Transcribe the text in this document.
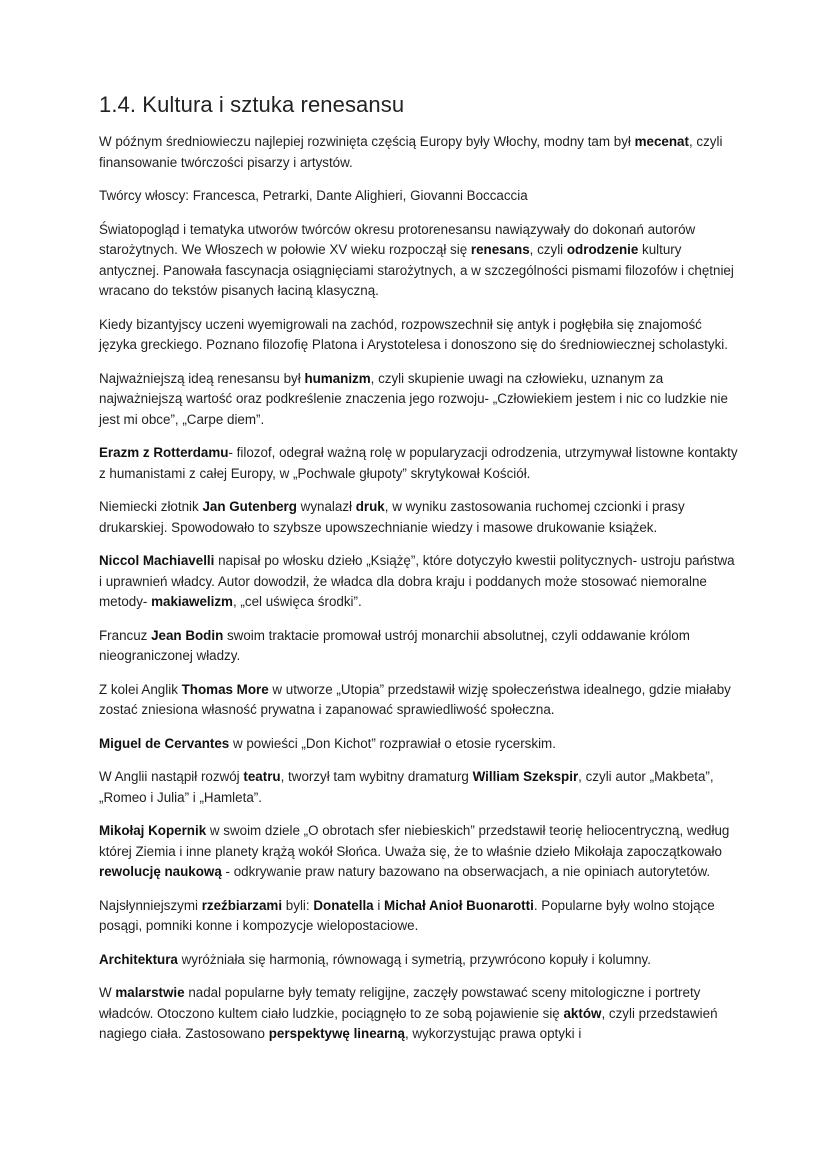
1.4. Kultura i sztuka renesansu

W późnym średniowieczu najlepiej rozwinięta częścią Europy były Włochy, modny tam był mecenat, czyli finansowanie twórczości pisarzy i artystów.

Twórcy włoscy: Francesca, Petrarki, Dante Alighieri, Giovanni Boccaccia

Światopogląd i tematyka utworów twórców okresu protorenesansu nawiązywały do dokonań autorów starożytnych. We Włoszech w połowie XV wieku rozpoczął się renesans, czyli odrodzenie kultury antycznej. Panowała fascynacja osiągnięciami starożytnych, a w szczególności pismami filozofów i chętniej wracano do tekstów pisanych łaciną klasyczną.

Kiedy bizantyjscy uczeni wyemigrowali na zachód, rozpowszechnił się antyk i pogłębiła się znajomość języka greckiego. Poznano filozofię Platona i Arystotelesa i donoszono się do średniowiecznej scholastyki.

Najważniejszą ideą renesansu był humanizm, czyli skupienie uwagi na człowieku, uznanym za najważniejszą wartość oraz podkreślenie znaczenia jego rozwoju- „Człowiekiem jestem i nic co ludzkie nie jest mi obce”, „Carpe diem”.

Erazm z Rotterdamu- filozof, odegrał ważną rolę w popularyzacji odrodzenia, utrzymywał listowne kontakty z humanistami z całej Europy, w „Pochwale głupoty” skrytykował Kościół.

Niemiecki złotnik Jan Gutenberg wynalazł druk, w wyniku zastosowania ruchomej czcionki i prasy drukarskiej. Spowodowało to szybsze upowszechnianie wiedzy i masowe drukowanie książek.

Niccol Machiavelli napisał po włosku dzieło „Książę”, które dotyczyło kwestii politycznych- ustroju państwa i uprawnień władcy. Autor dowodził, że władca dla dobra kraju i poddanych może stosować niemoralne metody- makiawelizm, „cel uświęca środki”.

Francuz Jean Bodin swoim traktacie promował ustrój monarchii absolutnej, czyli oddawanie królom nieograniczonej władzy.

Z kolei Anglik Thomas More w utworze „Utopia” przedstawił wizję społeczeństwa idealnego, gdzie miałaby zostać zniesiona własność prywatna i zapanować sprawiedliwość społeczna.

Miguel de Cervantes w powieści „Don Kichot” rozprawiał o etosie rycerskim.

W Anglii nastąpił rozwój teatru, tworzył tam wybitny dramaturg William Szekspir, czyli autor „Makbeta”, „Romeo i Julia” i „Hamleta”.

Mikołaj Kopernik w swoim dziele „O obrotach sfer niebieskich” przedstawił teorię heliocentryczną, według której Ziemia i inne planety krążą wokół Słońca. Uważa się, że to właśnie dzieło Mikołaja zapoczątkowało rewolucję naukową - odkrywanie praw natury bazowano na obserwacjach, a nie opiniach autorytetów.

Najsłynniejszymi rzeźbiarzami byli: Donatella i Michał Anioł Buonarotti. Popularne były wolno stojące posągi, pomniki konne i kompozycje wielopostaciowe.

Architektura wyróżniała się harmonią, równowagą i symetrią, przywrócono kopuły i kolumny.

W malarstwie nadal popularne były tematy religijne, zaczęły powstawać sceny mitologiczne i portrety władców. Otoczono kultem ciało ludzkie, pociągnęło to ze sobą pojawienie się aktów, czyli przedstawień nagiego ciała. Zastosowano perspektywę linearną, wykorzystując prawa optyki i
